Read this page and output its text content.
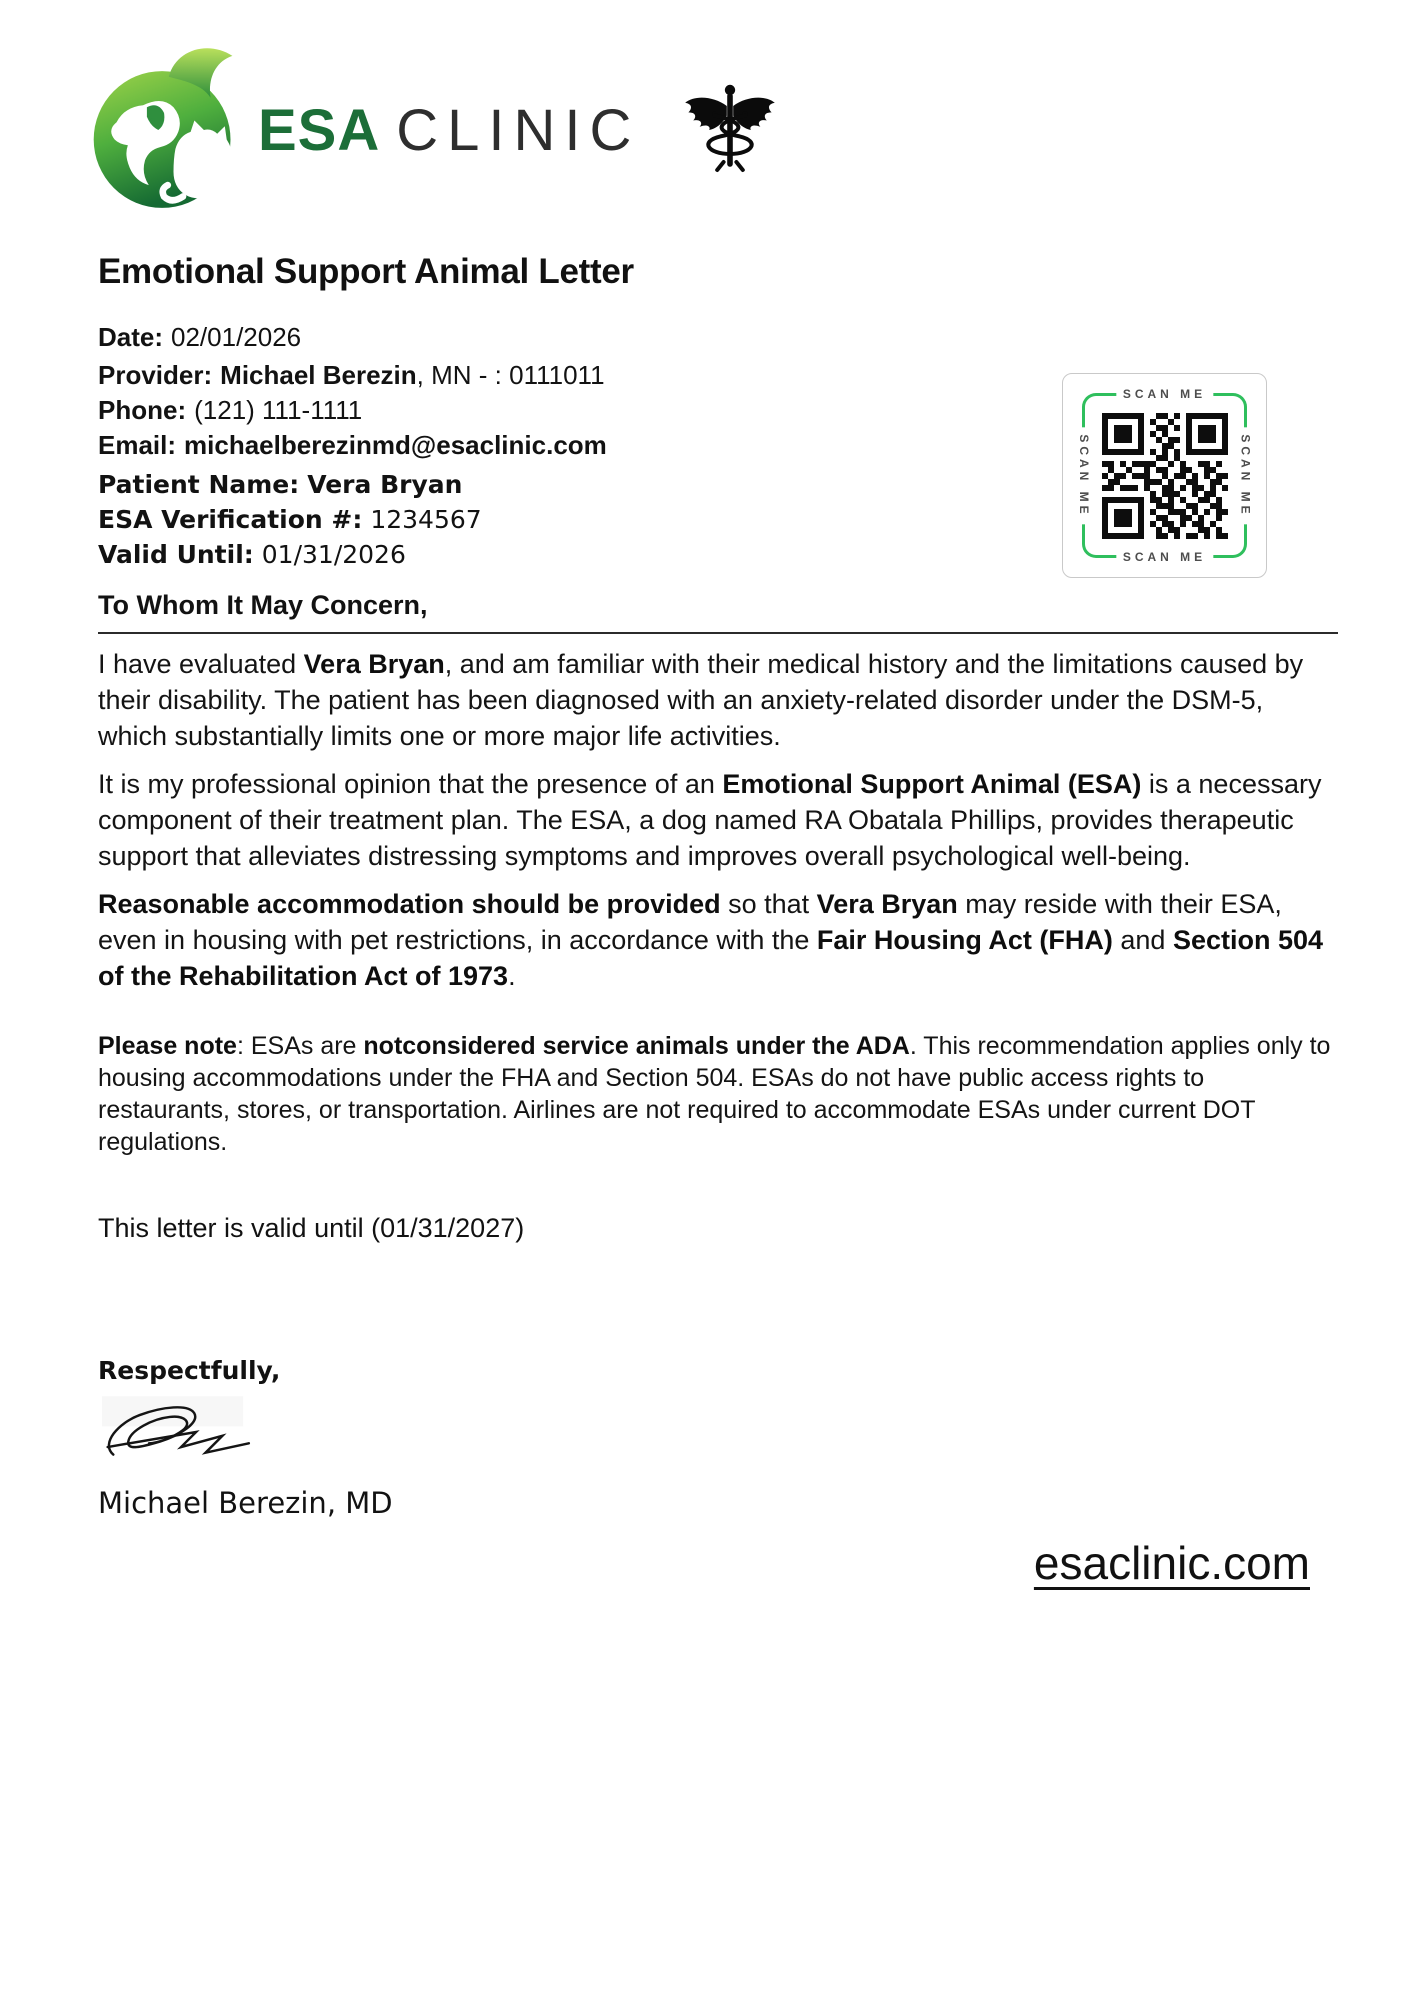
ESA CLINIC
SCAN ME
SCAN ME
SCAN ME	SCAN ME
Emotional Support Animal Letter

Date: 02/01/2026

Provider: Michael Berezin, MN - : 0111011

Phone: (121) 111-1111

Email: michaelberezinmd@esaclinic.com

Patient Name: Vera Bryan

ESA Verification #: 1234567

Valid Until: 01/31/2026

To Whom It May Concern,

I have evaluated Vera Bryan, and am familiar with their medical history and the limitations caused by their disability. The patient has been diagnosed with an anxiety-related disorder under the DSM-5, which substantially limits one or more major life activities.

It is my professional opinion that the presence of an Emotional Support Animal (ESA) is a necessary component of their treatment plan. The ESA, a dog named RA Obatala Phillips, provides therapeutic support that alleviates distressing symptoms and improves overall psychological well-being.

Reasonable accommodation should be provided so that Vera Bryan may reside with their ESA, even in housing with pet restrictions, in accordance with the Fair Housing Act (FHA) and Section 504 of the Rehabilitation Act of 1973.

Please note: ESAs are notconsidered service animals under the ADA. This recommendation applies only to housing accommodations under the FHA and Section 504. ESAs do not have public access rights to restaurants, stores, or transportation. Airlines are not required to accommodate ESAs under current DOT regulations.

This letter is valid until (01/31/2027)

Respectfully,

Michael Berezin, MD

esaclinic.com
